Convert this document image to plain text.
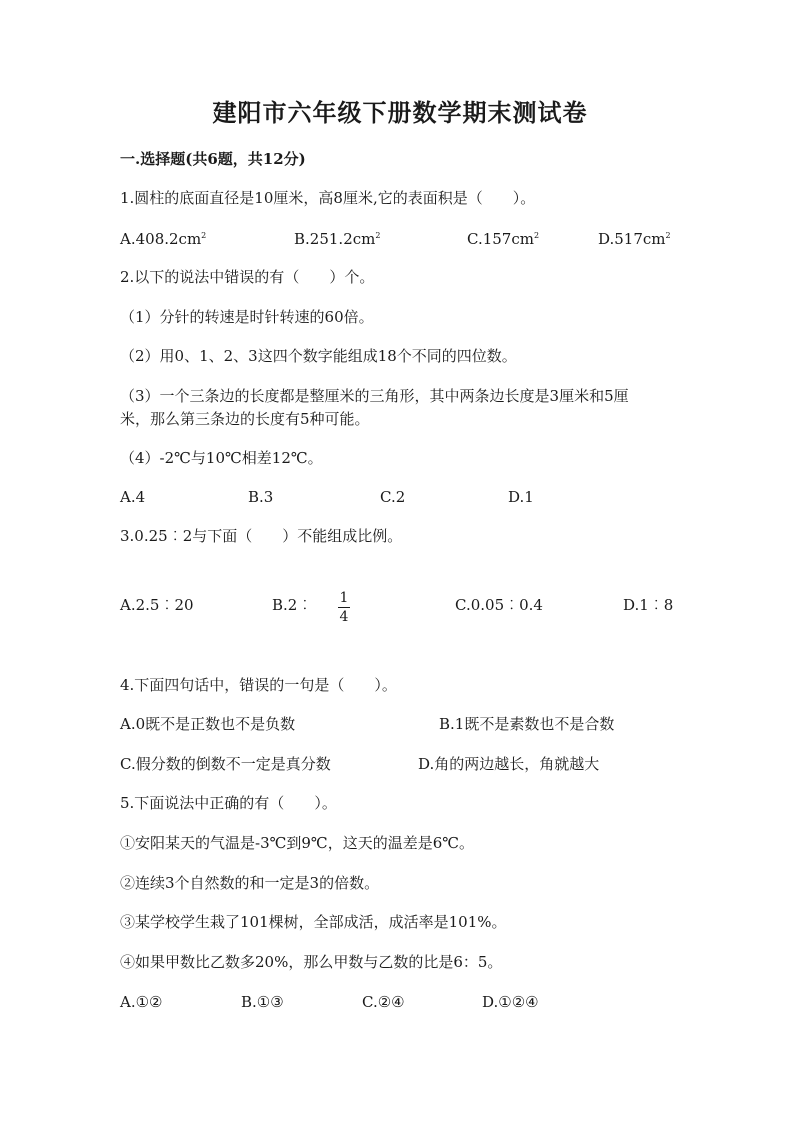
建阳市六年级下册数学期末测试卷
一.选择题(共6题，共12分)
1.圆柱的底面直径是10厘米，高8厘米,它的表面积是（　　）。
$A.408.2cm^2$	$B.251.2cm^2$	$C.157cm^2$	$D.517cm^2$
2.以下的说法中错误的有（　　）个。
（1）分针的转速是时针转速的60倍。
（2）用0、1、2、3这四个数字能组成18个不同的四位数。
（3）一个三条边的长度都是整厘米的三角形，其中两条边长度是3厘米和5厘
米，那么第三条边的长度有5种可能。
（4）-2℃与10℃相差12℃。
A.4	B.3	C.2	D.1
3.0.25︰2与下面（　　）不能组成比例。
A.2.5︰20	B.2︰ 1
4
C.0.05︰0.4	D.1︰8
4.下面四句话中，错误的一句是（　　）。
A.0既不是正数也不是负数	B.1既不是素数也不是合数
C.假分数的倒数不一定是真分数	D.角的两边越长，角就越大
5.下面说法中正确的有（　　）。
①安阳某天的气温是-3℃到9℃，这天的温差是6℃。
②连续3个自然数的和一定是3的倍数。
③某学校学生栽了101棵树，全部成活，成活率是101%。
④如果甲数比乙数多20%，那么甲数与乙数的比是6：5。
A.①②	B.①③	C.②④	D.①②④
